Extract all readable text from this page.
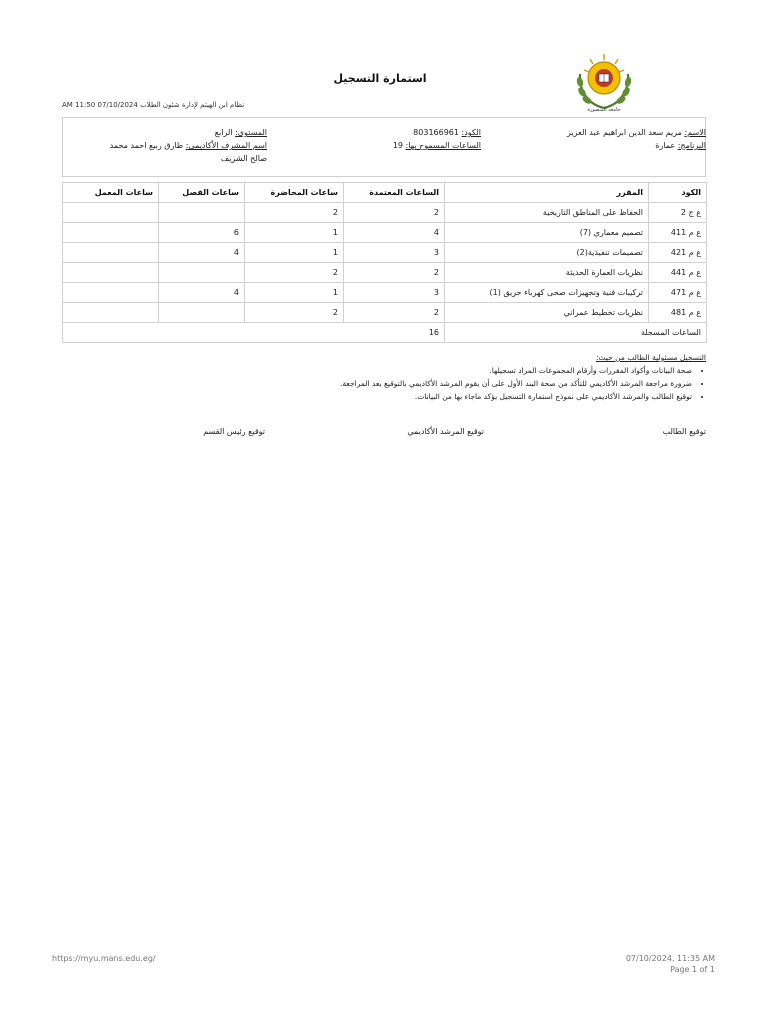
جامعة المنصورة
استمارة التسجيل
نظام ابن الهيثم لإدارة شئون الطلاب 07/10/2024 11:50 AM
الاسم: مريم سعد الدين ابراهيم عبد العزيز
الكود: 803166961
المستوى: الرابع
البرنامج: عمارة
الساعات المسموح بها: 19
اسم المشرف الأكاديمى: طارق ربيع احمد محمد
صالح الشريف
الكود	المقرر	الساعات المعتمدة	ساعات المحاضرة	ساعات الفصل	ساعات المعمل
ع ج 2	الحفاظ على المناطق التاريخية	2	2		
ع م 411	تصميم معماري (7)	4	1	6	
ع م 421	تصميمات تنفيذية(2)	3	1	4	
ع م 441	نظريات العمارة الحديثة	2	2		
ع م 471	تركيبات فنية وتجهيزات صحى كهرباء حريق (1)	3	1	4	
ع م 481	نظريات تخطيط عمراني	2	2		
الساعات المسجلة		16			
التسجيل مسئولية الطالب من حيث:
• صحة البيانات وأكواد المقررات وأرقام المجموعات المراد تسجيلها.
• ضرورة مراجعة المرشد الأكاديمي للتأكد من صحة البند الأول على أن يقوم المرشد الأكاديمي بالتوقيع بعد المراجعة.
• توقيع الطالب والمرشد الأكاديمي على نموذج استمارة التسجيل يؤكد ماجاء بها من البيانات.
توقيع الطالب
توقيع المرشد الأكاديمي
توقيع رئيس القسم
https://myu.mans.edu.eg/	07/10/2024, 11:35 AM
Page 1 of 1
